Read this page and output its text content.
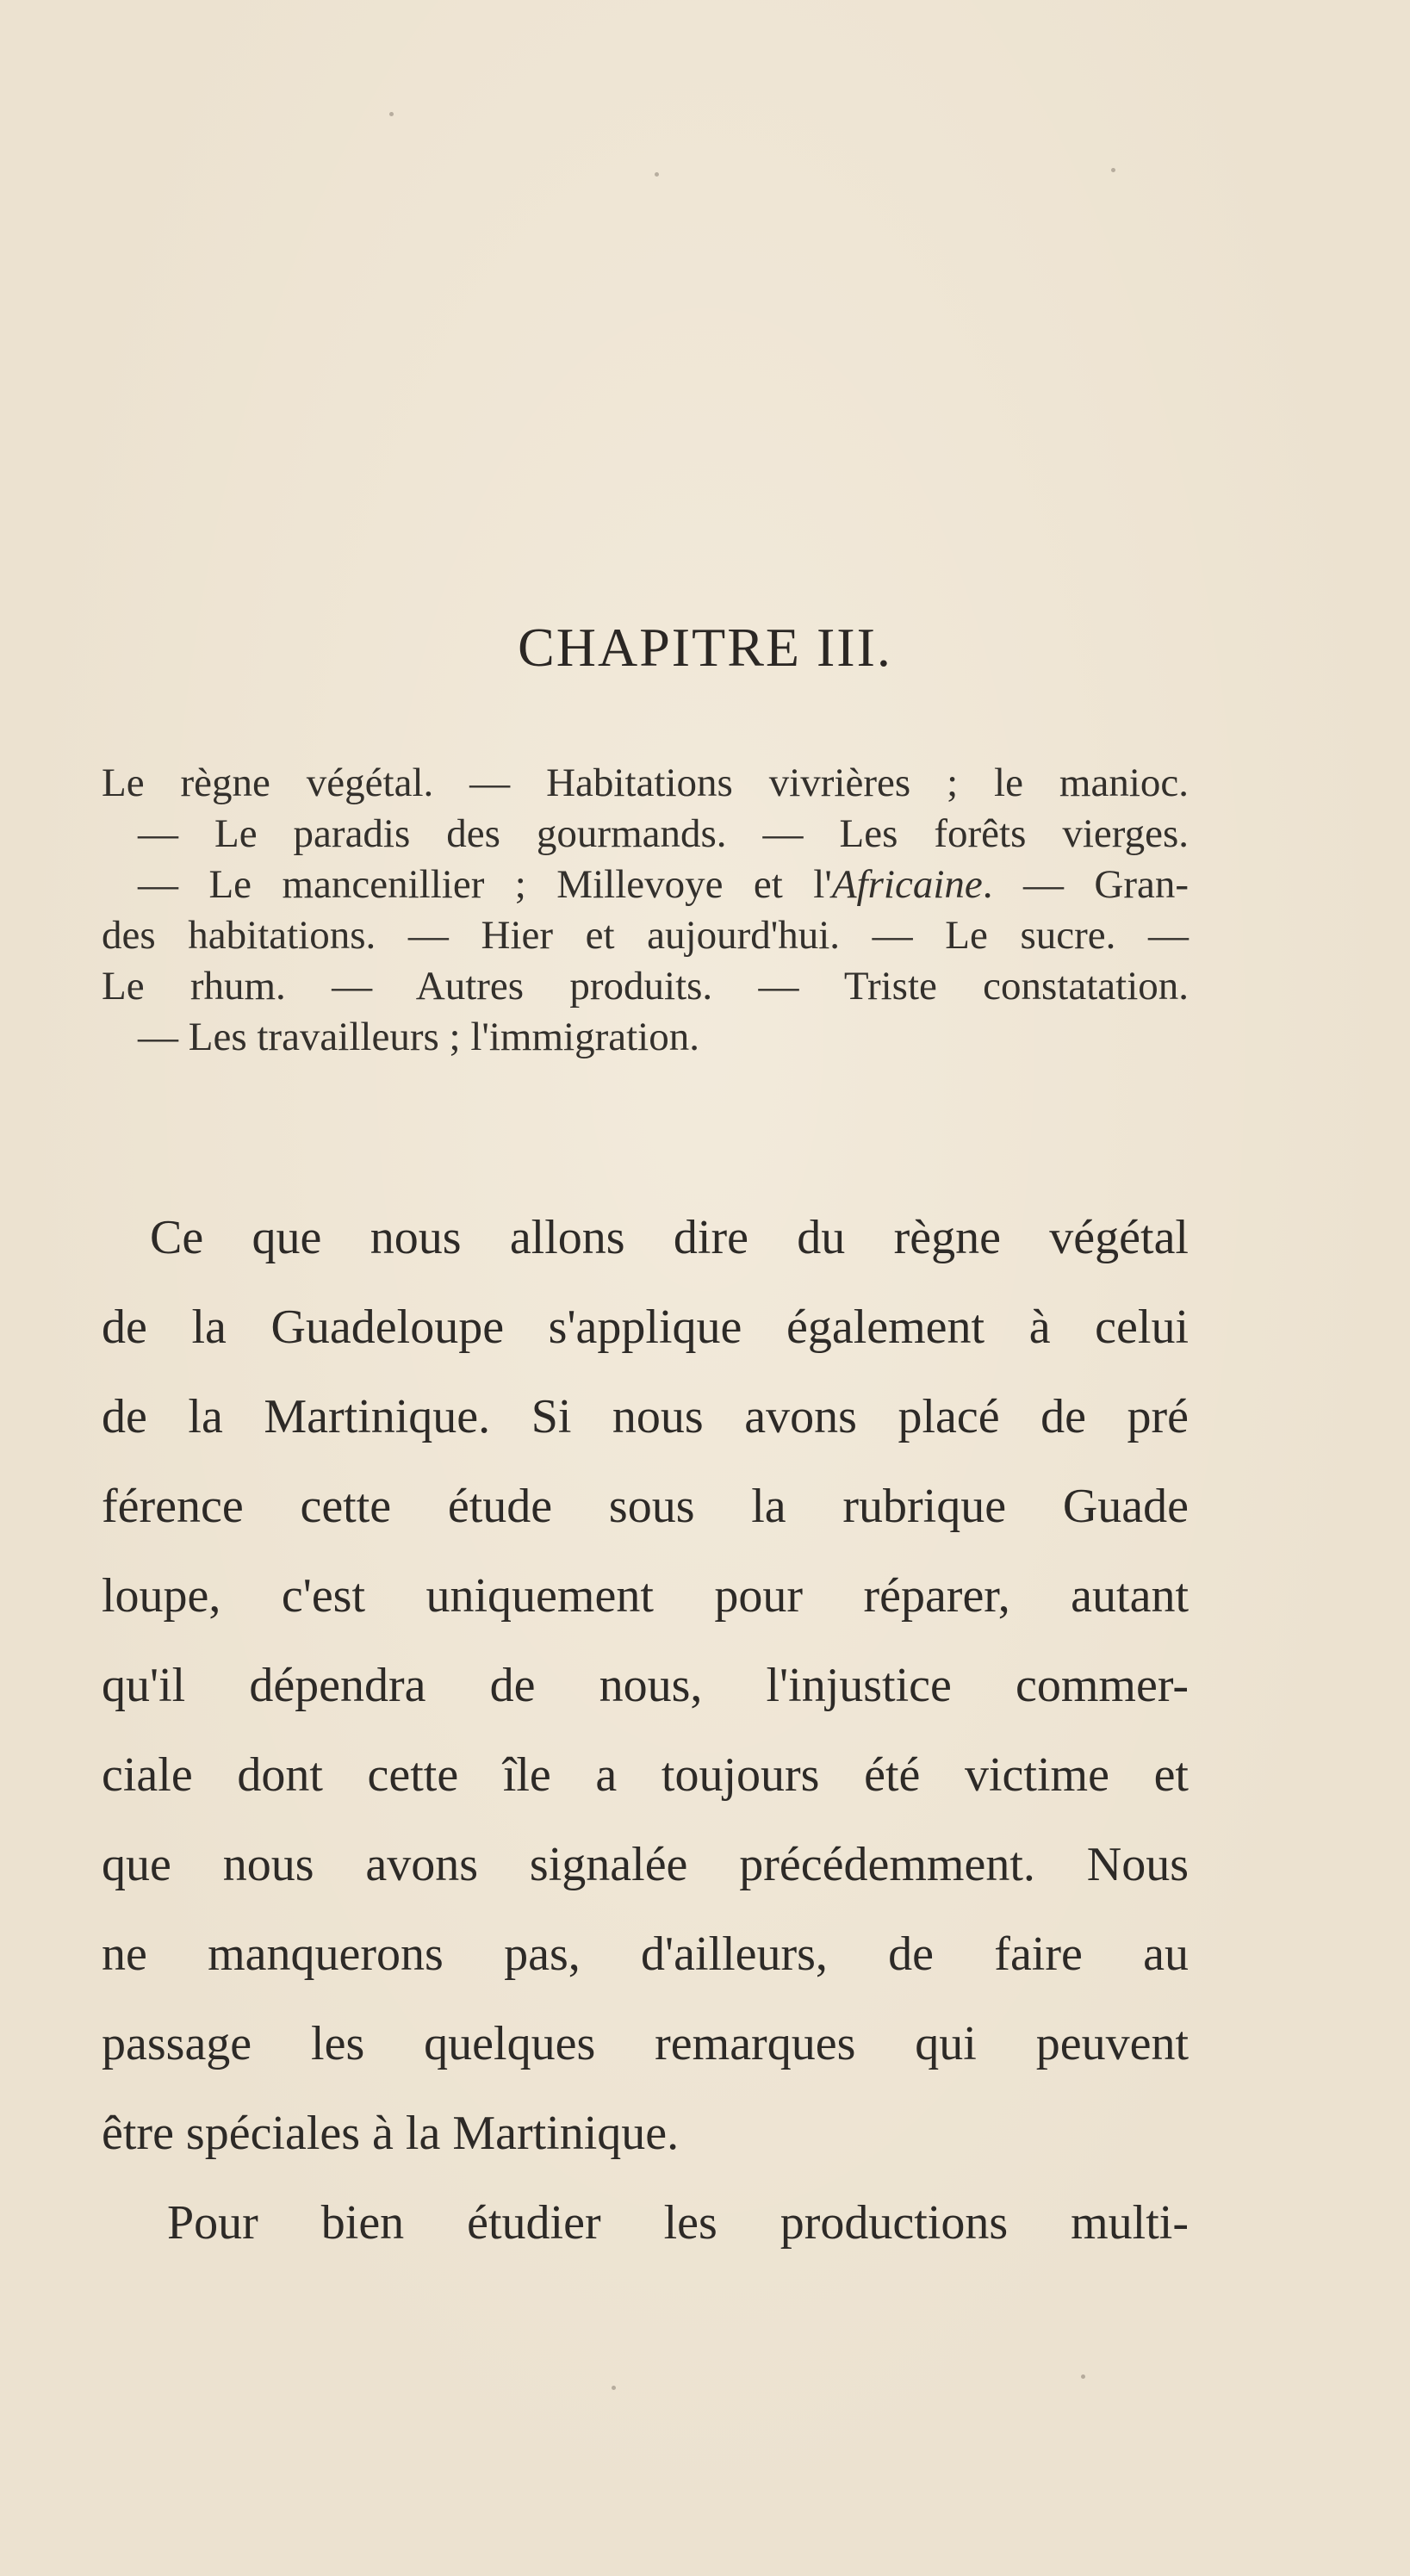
CHAPITRE III.
Le règne végétal. — Habitations vivrières ; le manioc.
— Le paradis des gourmands. — Les forêts vierges.
— Le mancenillier ; Millevoye et l'Africaine. — Gran-
des habitations. — Hier et aujourd'hui. — Le sucre. —
Le rhum. — Autres produits. — Triste constatation.
— Les travailleurs ; l'immigration.
Ce que nous allons dire du règne végétal
de la Guadeloupe s'applique également à celui
de la Martinique. Si nous avons placé de pré
férence cette étude sous la rubrique Guade
loupe, c'est uniquement pour réparer, autant
qu'il dépendra de nous, l'injustice commer-
ciale dont cette île a toujours été victime et
que nous avons signalée précédemment. Nous
ne manquerons pas, d'ailleurs, de faire au
passage les quelques remarques qui peuvent
être spéciales à la Martinique.
Pour bien étudier les productions multi-
